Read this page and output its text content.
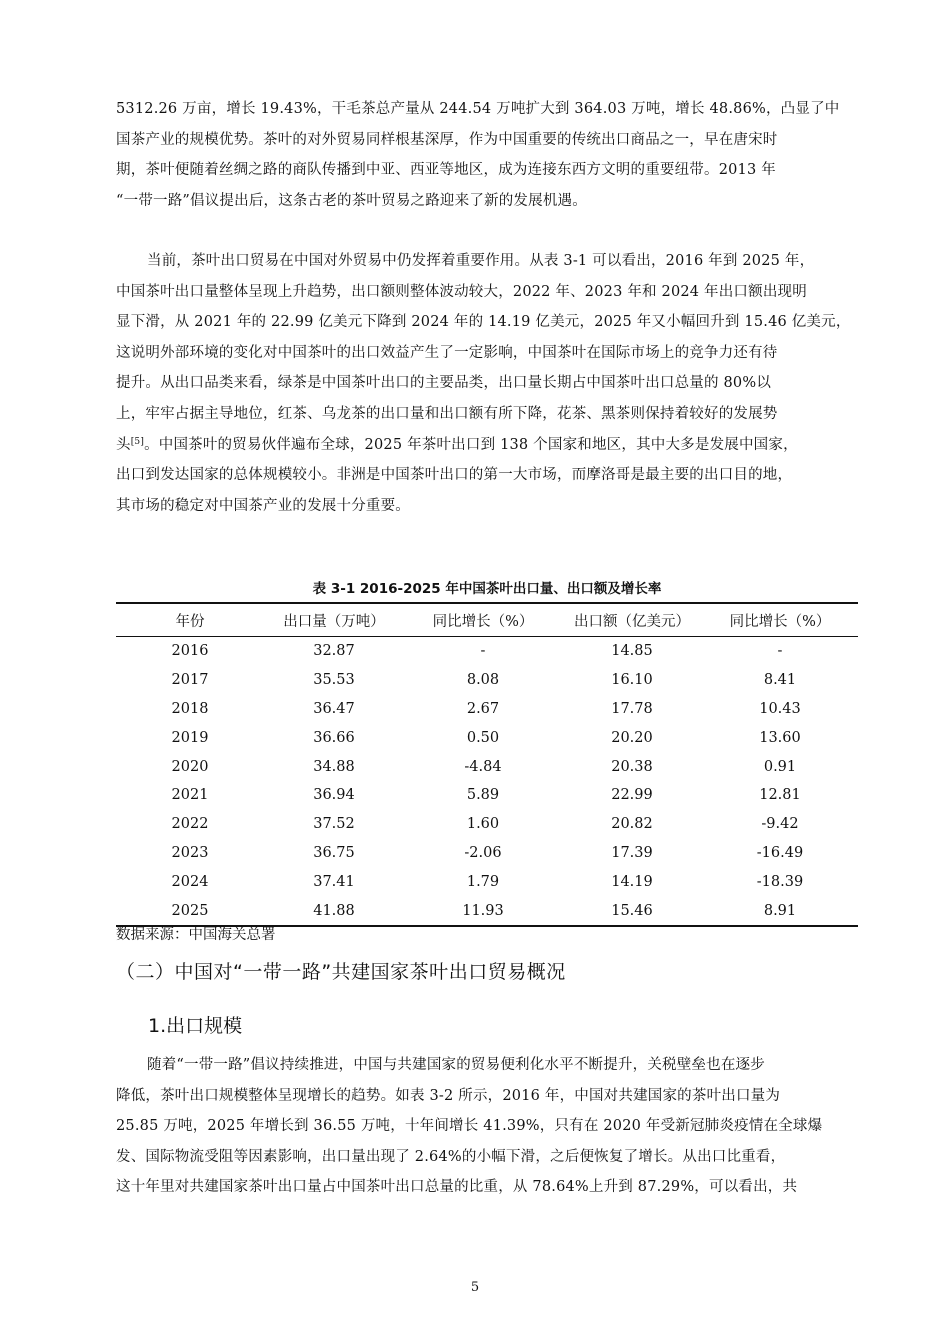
5312.26 万亩，增长 19.43%，干毛茶总产量从 244.54 万吨扩大到 364.03 万吨，增长 48.86%，凸显了中
国茶产业的规模优势。茶叶的对外贸易同样根基深厚，作为中国重要的传统出口商品之一，早在唐宋时
期，茶叶便随着丝绸之路的商队传播到中亚、西亚等地区，成为连接东西方文明的重要纽带。2013 年
“一带一路”倡议提出后，这条古老的茶叶贸易之路迎来了新的发展机遇。
当前，茶叶出口贸易在中国对外贸易中仍发挥着重要作用。从表 3-1 可以看出，2016 年到 2025 年，
中国茶叶出口量整体呈现上升趋势，出口额则整体波动较大，2022 年、2023 年和 2024 年出口额出现明
显下滑，从 2021 年的 22.99 亿美元下降到 2024 年的 14.19 亿美元，2025 年又小幅回升到 15.46 亿美元，
这说明外部环境的变化对中国茶叶的出口效益产生了一定影响，中国茶叶在国际市场上的竞争力还有待
提升。从出口品类来看，绿茶是中国茶叶出口的主要品类，出口量长期占中国茶叶出口总量的 80%以
上，牢牢占据主导地位，红茶、乌龙茶的出口量和出口额有所下降，花茶、黑茶则保持着较好的发展势
头[5]。中国茶叶的贸易伙伴遍布全球，2025 年茶叶出口到 138 个国家和地区，其中大多是发展中国家，
出口到发达国家的总体规模较小。非洲是中国茶叶出口的第一大市场，而摩洛哥是最主要的出口目的地，
其市场的稳定对中国茶产业的发展十分重要。
表 3-1 2016-2025 年中国茶叶出口量、出口额及增长率
年份	出口量（万吨）	同比增长（%）	出口额（亿美元）	同比增长（%）
2016	32.87	-	14.85	-
2017	35.53	8.08	16.10	8.41
2018	36.47	2.67	17.78	10.43
2019	36.66	0.50	20.20	13.60
2020	34.88	-4.84	20.38	0.91
2021	36.94	5.89	22.99	12.81
2022	37.52	1.60	20.82	-9.42
2023	36.75	-2.06	17.39	-16.49
2024	37.41	1.79	14.19	-18.39
2025	41.88	11.93	15.46	8.91
数据来源：中国海关总署
（二）中国对“一带一路”共建国家茶叶出口贸易概况
1.出口规模
随着“一带一路”倡议持续推进，中国与共建国家的贸易便利化水平不断提升，关税壁垒也在逐步
降低，茶叶出口规模整体呈现增长的趋势。如表 3-2 所示，2016 年，中国对共建国家的茶叶出口量为
25.85 万吨，2025 年增长到 36.55 万吨，十年间增长 41.39%，只有在 2020 年受新冠肺炎疫情在全球爆
发、国际物流受阻等因素影响，出口量出现了 2.64%的小幅下滑，之后便恢复了增长。从出口比重看，
这十年里对共建国家茶叶出口量占中国茶叶出口总量的比重，从 78.64%上升到 87.29%，可以看出，共
5
